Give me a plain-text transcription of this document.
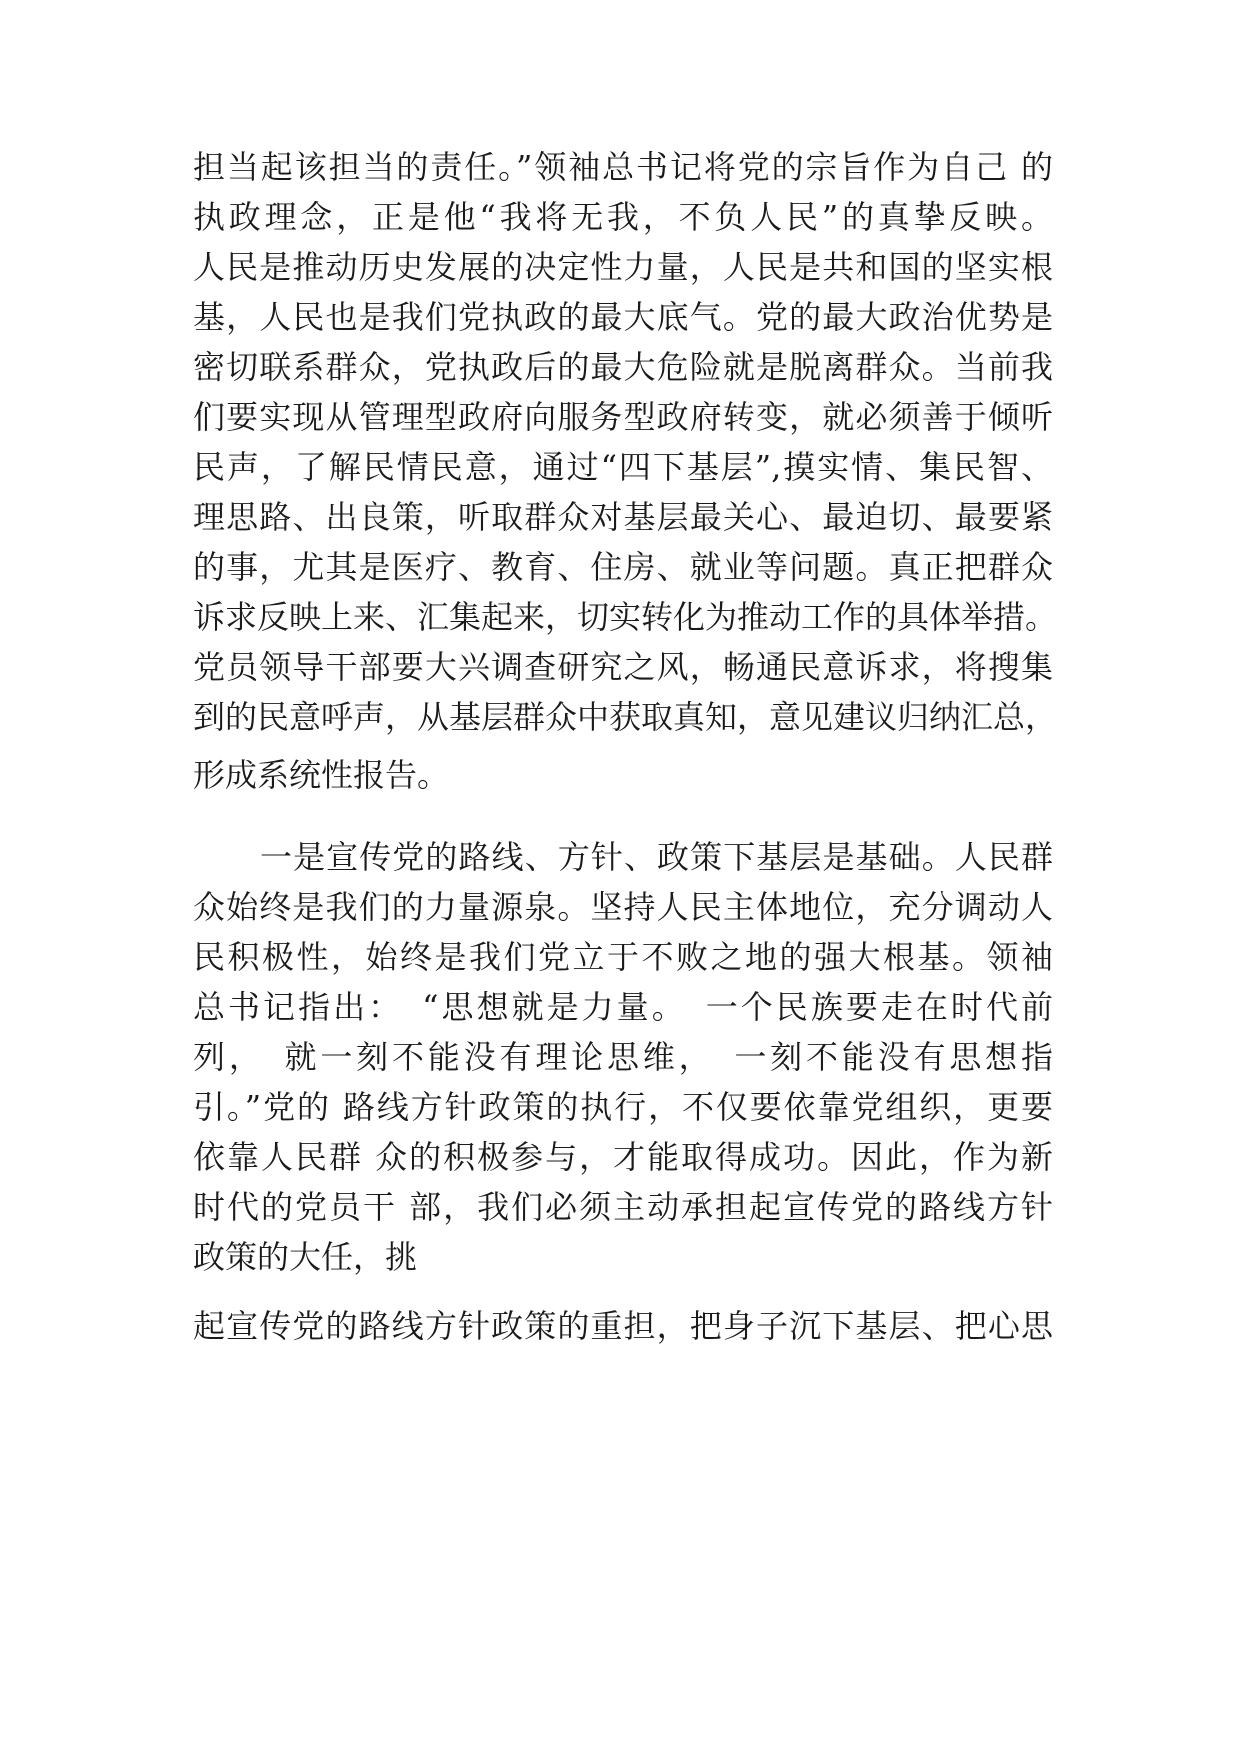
担当起该担当的责任。”领袖总书记将党的宗旨作为自己 的
执政理念，正是他“我将无我，不负人民”的真挚反映。
人民是推动历史发展的决定性力量，人民是共和国的坚实根
基，人民也是我们党执政的最大底气。党的最大政治优势是
密切联系群众，党执政后的最大危险就是脱离群众。当前我
们要实现从管理型政府向服务型政府转变，就必须善于倾听
民声，了解民情民意，通过“四下基层”,摸实情、集民智、
理思路、出良策，听取群众对基层最关心、最迫切、最要紧
的事，尤其是医疗、教育、住房、就业等问题。真正把群众
诉求反映上来、汇集起来，切实转化为推动工作的具体举措。
党员领导干部要大兴调查研究之风，畅通民意诉求，将搜集
到的民意呼声，从基层群众中获取真知，意见建议归纳汇总，
形成系统性报告。
一是宣传党的路线、方针、政策下基层是基础。人民群
众始终是我们的力量源泉。坚持人民主体地位，充分调动人
民积极性，始终是我们党立于不败之地的强大根基。领袖
总书记指出：　“思想就是力量。　一个民族要走在时代前
列，　就一刻不能没有理论思维，　一刻不能没有思想指
引。”党的 路线方针政策的执行，不仅要依靠党组织，更要
依靠人民群 众的积极参与，才能取得成功。因此，作为新
时代的党员干 部，我们必须主动承担起宣传党的路线方针
政策的大任，挑
起宣传党的路线方针政策的重担，把身子沉下基层、把心思
